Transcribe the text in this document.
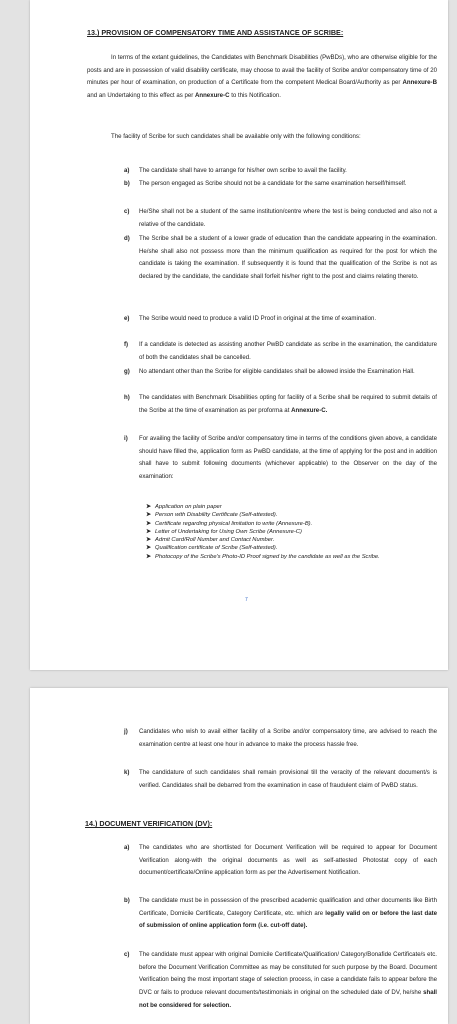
13.) PROVISION OF COMPENSATORY TIME AND ASSISTANCE OF SCRIBE:
In terms of the extant guidelines, the Candidates with Benchmark Disabilities (PwBDs), who are otherwise eligible for the posts and are in possession of valid disability certificate, may choose to avail the facility of Scribe and/or compensatory time of 20 minutes per hour of examination, on production of a Certificate from the competent Medical Board/Authority as per Annexure-B and an Undertaking to this effect as per Annexure-C to this Notification.
The facility of Scribe for such candidates shall be available only with the following conditions:
a) The candidate shall have to arrange for his/her own scribe to avail the facility.
b) The person engaged as Scribe should not be a candidate for the same examination herself/himself.
c) He/She shall not be a student of the same institution/centre where the test is being conducted and also not a relative of the candidate.
d) The Scribe shall be a student of a lower grade of education than the candidate appearing in the examination. He/she shall also not possess more than the minimum qualification as required for the post for which the candidate is taking the examination. If subsequently it is found that the qualification of the Scribe is not as declared by the candidate, the candidate shall forfeit his/her right to the post and claims relating thereto.
e) The Scribe would need to produce a valid ID Proof in original at the time of examination.
f) If a candidate is detected as assisting another PwBD candidate as scribe in the examination, the candidature of both the candidates shall be cancelled.
g) No attendant other than the Scribe for eligible candidates shall be allowed inside the Examination Hall.
h) The candidates with Benchmark Disabilities opting for facility of a Scribe shall be required to submit details of the Scribe at the time of examination as per proforma at Annexure-C.
i) For availing the facility of Scribe and/or compensatory time in terms of the conditions given above, a candidate should have filled the, application form as PwBD candidate, at the time of applying for the post and in addition shall have to submit following documents (whichever applicable) to the Observer on the day of the examination:
➤ Application on plain paper
➤ Person with Disability Certificate (Self-attested).
➤ Certificate regarding physical limitation to write (Annexure-B).
➤ Letter of Undertaking for Using Own Scribe (Annexure-C)
➤ Admit Card/Roll Number and Contact Number.
➤ Qualification certificate of Scribe (Self-attested).
➤ Photocopy of the Scribe's Photo-ID Proof signed by the candidate as well as the Scribe.
7
j) Candidates who wish to avail either facility of a Scribe and/or compensatory time, are advised to reach the examination centre at least one hour in advance to make the process hassle free.
k) The candidature of such candidates shall remain provisional till the veracity of the relevant document/s is verified. Candidates shall be debarred from the examination in case of fraudulent claim of PwBD status.
14.) DOCUMENT VERIFICATION (DV):
a) The candidates who are shortlisted for Document Verification will be required to appear for Document Verification along-with the original documents as well as self-attested Photostat copy of each document/certificate/Online application form as per the Advertisement Notification.
b) The candidate must be in possession of the prescribed academic qualification and other documents like Birth Certificate, Domicile Certificate, Category Certificate, etc. which are legally valid on or before the last date of submission of online application form (i.e. cut-off date).
c) The candidate must appear with original Domicile Certificate/Qualification/ Category/Bonafide Certificate/s etc. before the Document Verification Committee as may be constituted for such purpose by the Board. Document Verification being the most important stage of selection process, in case a candidate fails to appear before the DVC or fails to produce relevant documents/testimonials in original on the scheduled date of DV, he/she shall not be considered for selection.
